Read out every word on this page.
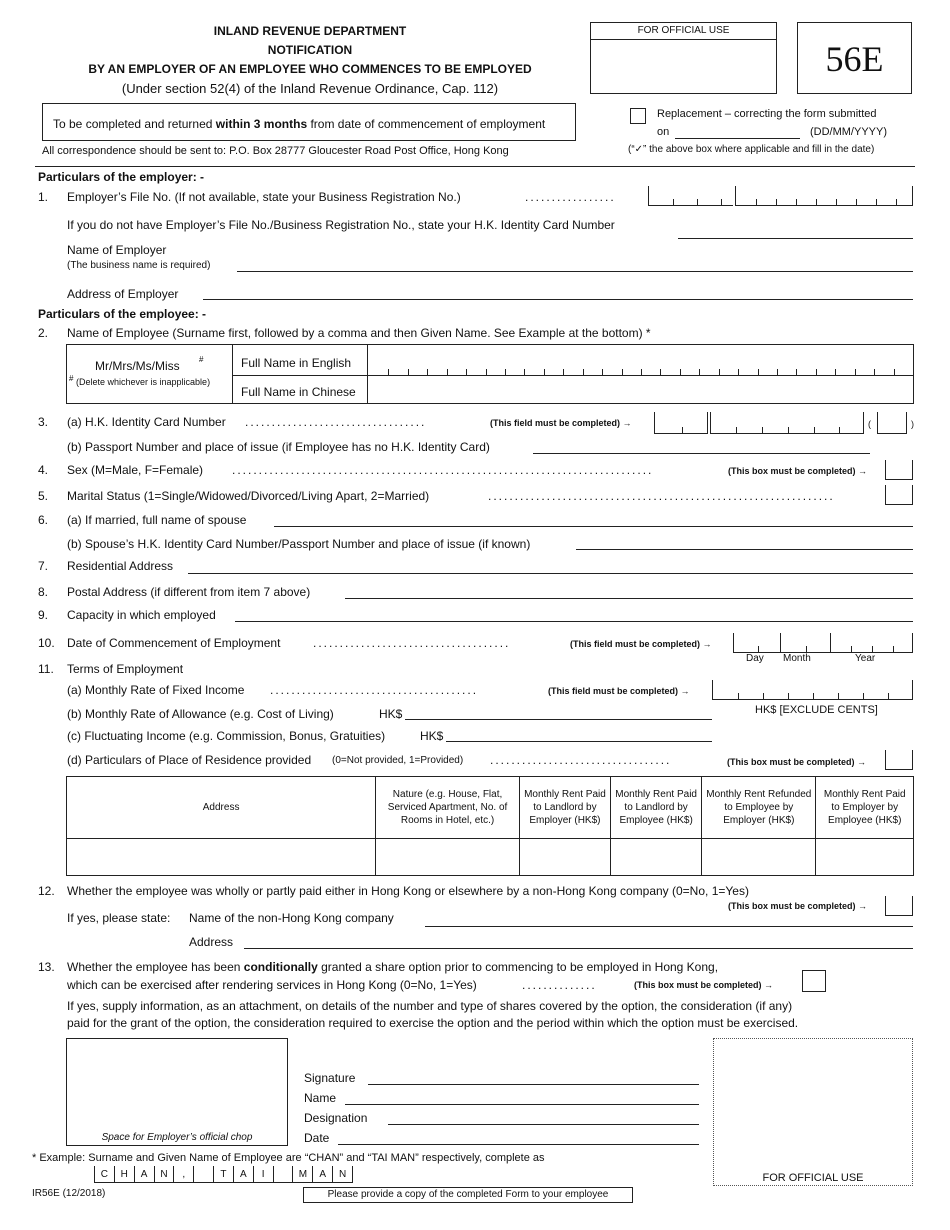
INLAND REVENUE DEPARTMENT
NOTIFICATION
BY AN EMPLOYER OF AN EMPLOYEE WHO COMMENCES TO BE EMPLOYED
(Under section 52(4) of the Inland Revenue Ordinance, Cap. 112)
FOR OFFICIAL USE
56E
To be completed and returned within 3 months from date of commencement of employment
All correspondence should be sent to: P.O. Box 28777 Gloucester Road Post Office, Hong Kong
Replacement – correcting the form submitted
on	(DD/MM/YYYY)
(“✓” the above box where applicable and fill in the date)
Particulars of the employer: -
1. Employer’s File No. (If not available, state your Business Registration No.)	.................
If you do not have Employer’s File No./Business Registration No., state your H.K. Identity Card Number
Name of Employer
(The business name is required)
Address of Employer
Particulars of the employee: -
2. Name of Employee (Surname first, followed by a comma and then Given Name. See Example at the bottom) *
Mr/Mrs/Ms/Miss #
# (Delete whichever is inapplicable)
Full Name in English
Full Name in Chinese
3. (a) H.K. Identity Card Number ..................................	(This field must be completed) →	(	)
(b) Passport Number and place of issue (if Employee has no H.K. Identity Card)
4. Sex (M=Male, F=Female) ...............................................................................	(This box must be completed) →
5. Marital Status (1=Single/Widowed/Divorced/Living Apart, 2=Married)	.................................................................
6. (a) If married, full name of spouse
(b) Spouse’s H.K. Identity Card Number/Passport Number and place of issue (if known)
7. Residential Address
8. Postal Address (if different from item 7 above)
9. Capacity in which employed
10. Date of Commencement of Employment	.....................................	(This field must be completed) →
Day Month	Year
11. Terms of Employment
(a) Monthly Rate of Fixed Income .......................................	(This field must be completed) →
HK$ [EXCLUDE CENTS]
(b) Monthly Rate of Allowance (e.g. Cost of Living)	HK$
(c) Fluctuating Income (e.g. Commission, Bonus, Gratuities)	HK$
(d) Particulars of Place of Residence provided (0=Not provided, 1=Provided) ..................................	(This box must be completed) →
Address	Nature (e.g. House, Flat, Serviced Apartment, No. of Rooms in Hotel, etc.)	Monthly Rent Paid to Landlord by Employer (HK$)	Monthly Rent Paid to Landlord by Employee (HK$)	Monthly Rent Refunded to Employee by Employer (HK$)	Monthly Rent Paid to Employer by Employee (HK$)

12. Whether the employee was wholly or partly paid either in Hong Kong or elsewhere by a non-Hong Kong company (0=No, 1=Yes)
(This box must be completed) →
If yes, please state: Name of the non-Hong Kong company
Address
13. Whether the employee has been conditionally granted a share option prior to commencing to be employed in Hong Kong,
which can be exercised after rendering services in Hong Kong (0=No, 1=Yes)	..............	(This box must be completed) →
If yes, supply information, as an attachment, on details of the number and type of shares covered by the option, the consideration (if any)
paid for the grant of the option, the consideration required to exercise the option and the period within which the option must be exercised.
Space for Employer’s official chop
Signature
Name
Designation
Date
FOR OFFICIAL USE
* Example: Surname and Given Name of Employee are “CHAN” and “TAI MAN” respectively, complete as
C	H	A	N	,	T	A	I	M	A	N
IR56E (12/2018)	Please provide a copy of the completed Form to your employee
